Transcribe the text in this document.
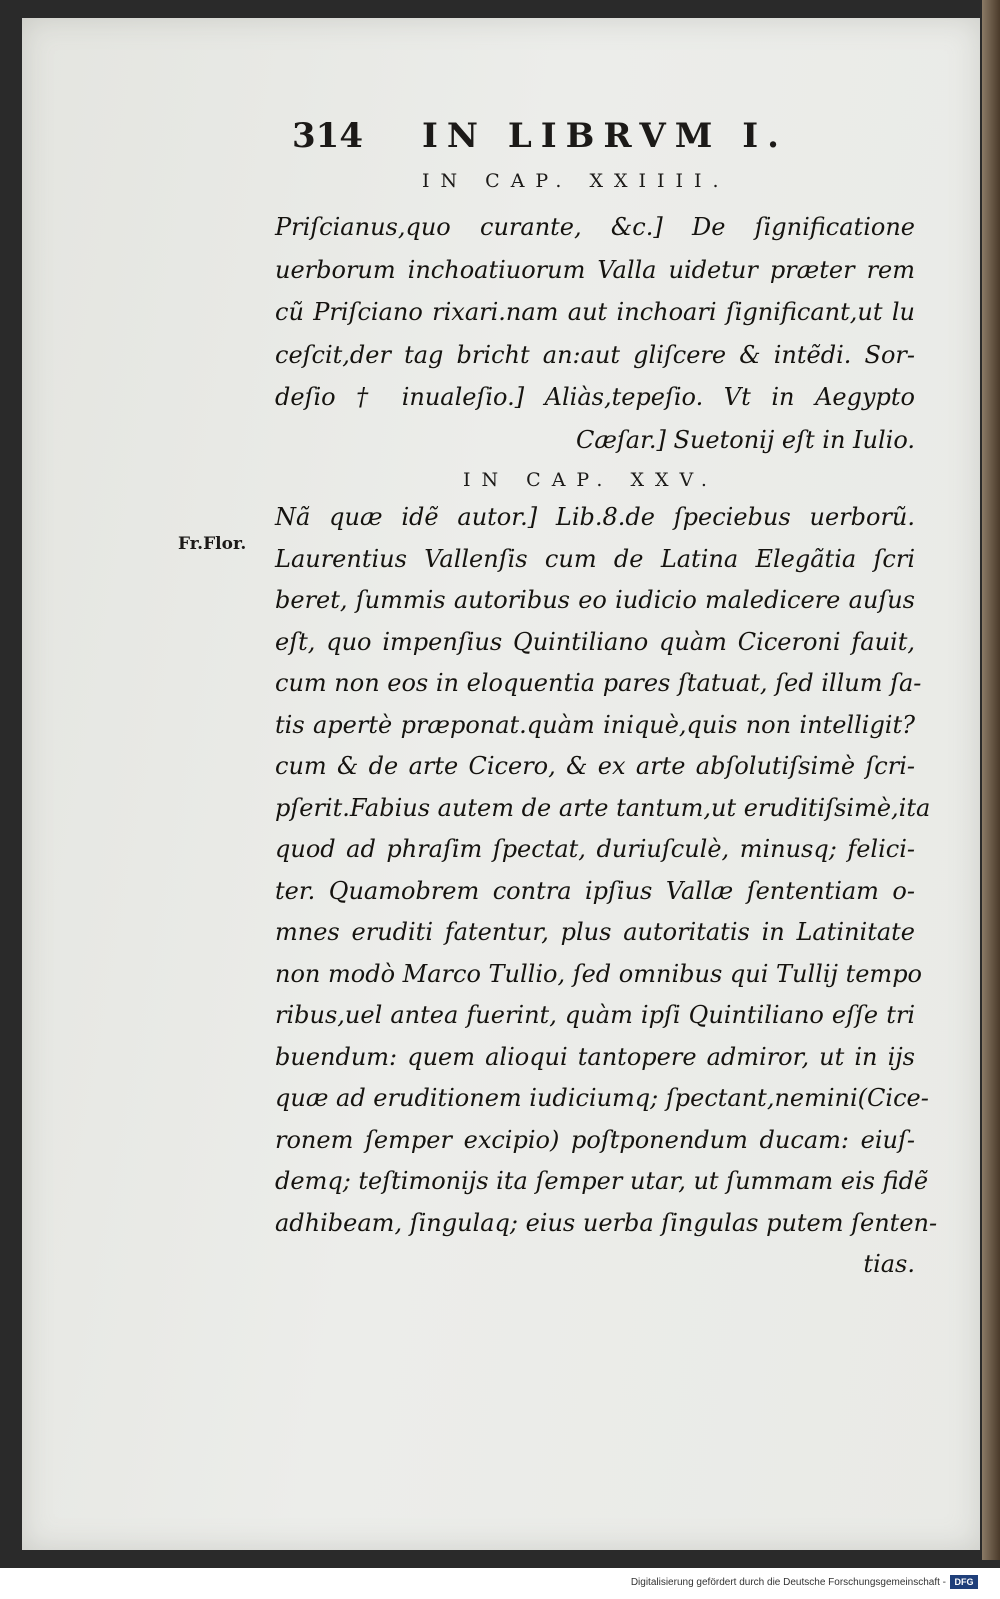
314 IN LIBRVM I.
IN CAP. XXIIII.
Priſcianus,quo curante, &c.] De ſignificatione
uerborum inchoatiuorum Valla uidetur præter rem
cũ Priſciano rixari.nam aut inchoari ſignificant,ut lu
ceſcit,der tag bricht an:aut gliſcere & intẽdi. Sor-
deſio † inualeſio.] Aliàs,tepeſio. Vt in Aegypto
Cæſar.] Suetonij eſt in Iulio.
IN CAP. XXV.
Fr.Flor.
Nã quæ idẽ autor.] Lib.8.de ſpeciebus uerborũ.
Laurentius Vallenſis cum de Latina Elegãtia ſcri
beret, ſummis autoribus eo iudicio maledicere auſus
eſt, quo impenſius Quintiliano quàm Ciceroni fauit,
cum non eos in eloquentia pares ſtatuat, ſed illum ſa-
tis apertè præponat.quàm iniquè,quis non intelligit?
cum & de arte Cicero, & ex arte abſolutiſsimè ſcri-
pſerit.Fabius autem de arte tantum,ut eruditiſsimè,ita
quod ad phraſim ſpectat, duriuſculè, minusq; felici-
ter. Quamobrem contra ipſius Vallæ ſententiam o-
mnes eruditi fatentur, plus autoritatis in Latinitate
non modò Marco Tullio, ſed omnibus qui Tullij tempo
ribus,uel antea fuerint, quàm ipſi Quintiliano eſſe tri
buendum: quem alioqui tantopere admiror, ut in ijs
quæ ad eruditionem iudiciumq; ſpectant,nemini(Cice-
ronem ſemper excipio) poſtponendum ducam: eiuſ-
demq; teſtimonijs ita ſemper utar, ut ſummam eis fidẽ
adhibeam, ſingulaq; eius uerba ſingulas putem ſenten-
tias.
Digitalisierung gefördert durch die Deutsche Forschungsgemeinschaft - DFG
